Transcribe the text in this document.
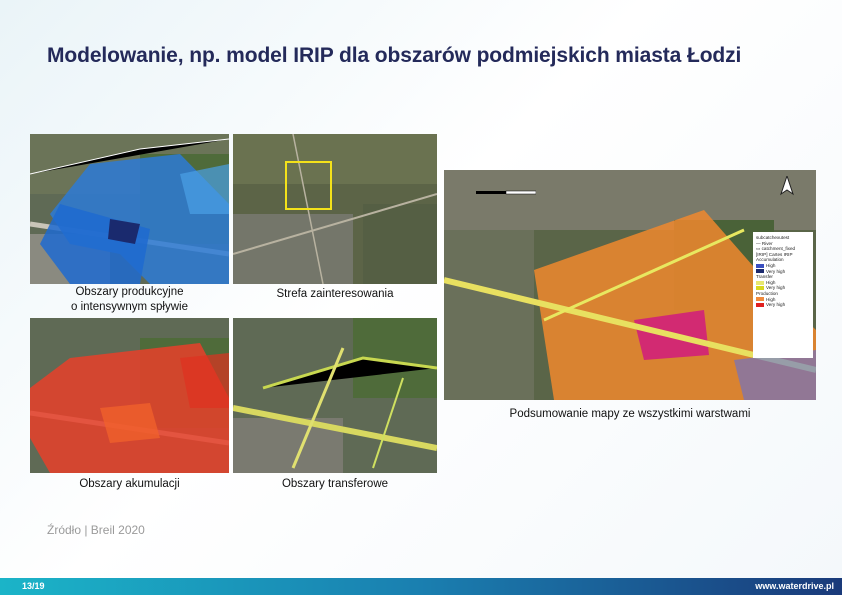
Modelowanie, np. model IRIP dla obszarów podmiejskich miasta Łodzi
Obszary produkcyjne
o intensywnym spływie
Strefa zainteresowania
Obszary akumulacji	Obszary transferowe
subcatchexutest
— River
▭ catchment_fixed
[IRIP] Cartes IRIP
Accumulation
High
Very high
Transfer
High
Very high
Production
High
Very high
Podsumowanie mapy ze wszystkimi warstwami
Źródło | Breil 2020
13/19	www.waterdrive.pl
